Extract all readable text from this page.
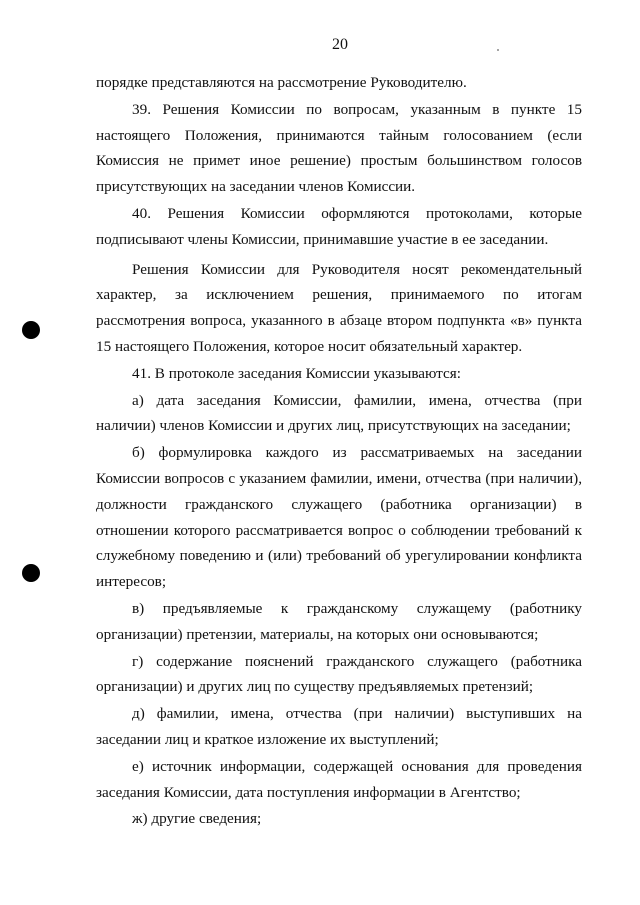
20

порядке представляются на рассмотрение Руководителю.

39. Решения Комиссии по вопросам, указанным в пункте 15 настоящего Положения, принимаются тайным голосованием (если Комиссия не примет иное решение) простым большинством голосов присутствующих на заседании членов Комиссии.

40. Решения Комиссии оформляются протоколами, которые подписывают члены Комиссии, принимавшие участие в ее заседании.

Решения Комиссии для Руководителя носят рекомендательный характер, за исключением решения, принимаемого по итогам рассмотрения вопроса, указанного в абзаце втором подпункта «в» пункта 15 настоящего Положения, которое носит обязательный характер.

41. В протоколе заседания Комиссии указываются:

а) дата заседания Комиссии, фамилии, имена, отчества (при наличии) членов Комиссии и других лиц, присутствующих на заседании;

б) формулировка каждого из рассматриваемых на заседании Комиссии вопросов с указанием фамилии, имени, отчества (при наличии), должности гражданского служащего (работника организации) в отношении которого рассматривается вопрос о соблюдении требований к служебному поведению и (или) требований об урегулировании конфликта интересов;

в) предъявляемые к гражданскому служащему (работнику организации) претензии, материалы, на которых они основываются;

г) содержание пояснений гражданского служащего (работника организации) и других лиц по существу предъявляемых претензий;

д) фамилии, имена, отчества (при наличии) выступивших на заседании лиц и краткое изложение их выступлений;

е) источник информации, содержащей основания для проведения заседания Комиссии, дата поступления информации в Агентство;

ж) другие сведения;
